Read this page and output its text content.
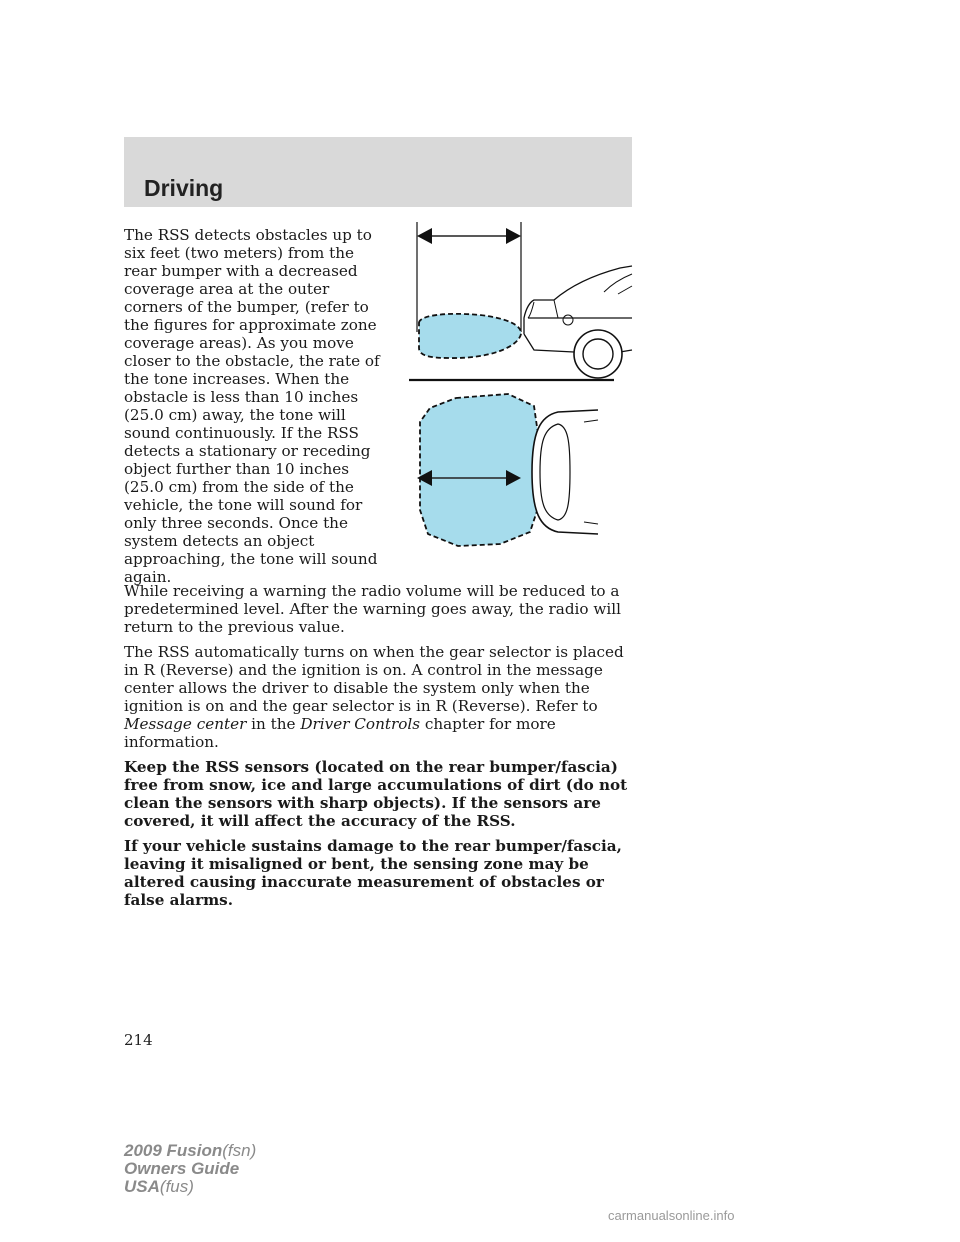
Driving

The RSS detects obstacles up to six feet (two meters) from the rear bumper with a decreased coverage area at the outer corners of the bumper, (refer to the figures for approximate zone coverage areas). As you move closer to the obstacle, the rate of the tone increases. When the obstacle is less than 10 inches (25.0 cm) away, the tone will sound continuously. If the RSS detects a stationary or receding object further than 10 inches (25.0 cm) from the side of the vehicle, the tone will sound for only three seconds. Once the system detects an object approaching, the tone will sound again.

While receiving a warning the radio volume will be reduced to a predetermined level. After the warning goes away, the radio will return to the previous value.

The RSS automatically turns on when the gear selector is placed in R (Reverse) and the ignition is on. A control in the message center allows the driver to disable the system only when the ignition is on and the gear selector is in R (Reverse). Refer to Message center in the Driver Controls chapter for more information.

Keep the RSS sensors (located on the rear bumper/fascia) free from snow, ice and large accumulations of dirt (do not clean the sensors with sharp objects). If the sensors are covered, it will affect the accuracy of the RSS.

If your vehicle sustains damage to the rear bumper/fascia, leaving it misaligned or bent, the sensing zone may be altered causing inaccurate measurement of obstacles or false alarms.

214

2009 Fusion(fsn)
Owners Guide
USA(fus)

carmanualsonline.info
